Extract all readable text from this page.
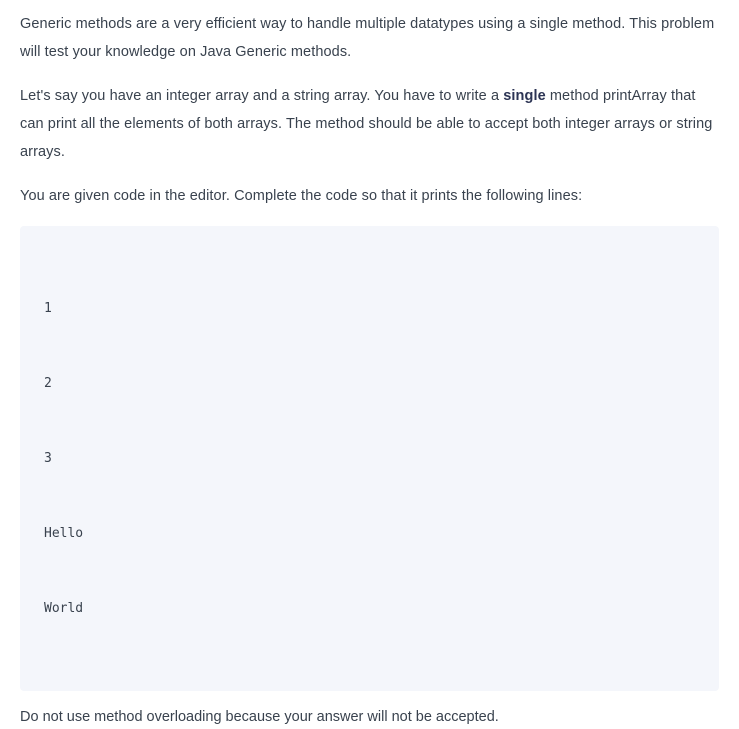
Generic methods are a very efficient way to handle multiple datatypes using a single method. This problem will test your knowledge on Java Generic methods.

Let's say you have an integer array and a string array. You have to write a single method printArray that can print all the elements of both arrays. The method should be able to accept both integer arrays or string arrays.

You are given code in the editor. Complete the code so that it prints the following lines:

1

2

3

Hello

World

Do not use method overloading because your answer will not be accepted.
